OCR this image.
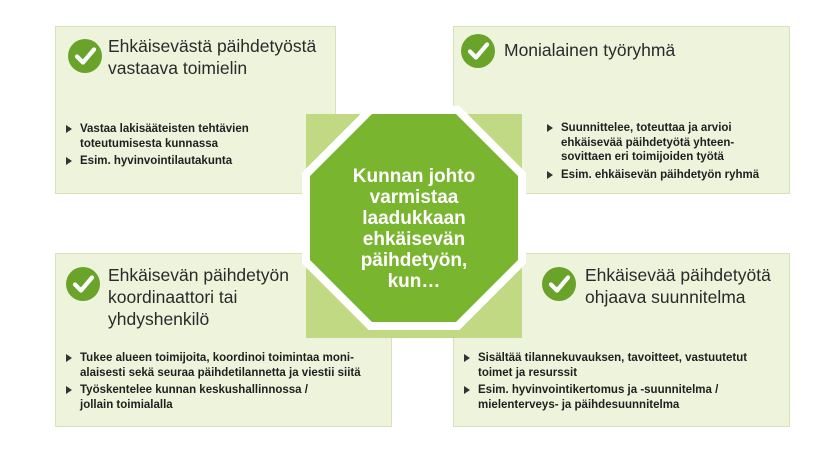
Ehkäisevästä päihdetyöstä
vastaava toimielin
Vastaa lakisääteisten tehtävien
toteutumisesta kunnassa
Esim. hyvinvointilautakunta
Monialainen työryhmä
Suunnittelee, toteuttaa ja arvioi
ehkäisevää päihdetyötä yhteen-
sovittaen eri toimijoiden työtä
Esim. ehkäisevän päihdetyön ryhmä
Ehkäisevän päihdetyön
koordinaattori tai
yhdyshenkilö
Tukee alueen toimijoita, koordinoi toimintaa moni-
alaisesti sekä seuraa päihdetilannetta ja viestii siitä
Työskentelee kunnan keskushallinnossa /
jollain toimialalla
Ehkäisevää päihdetyötä
ohjaava suunnitelma
Sisältää tilannekuvauksen, tavoitteet, vastuutetut
toimet ja resurssit
Esim. hyvinvointikertomus ja -suunnitelma /
mielenterveys- ja päihdesuunnitelma
Kunnan johto
varmistaa
laadukkaan
ehkäisevän
päihdetyön,
kun…
